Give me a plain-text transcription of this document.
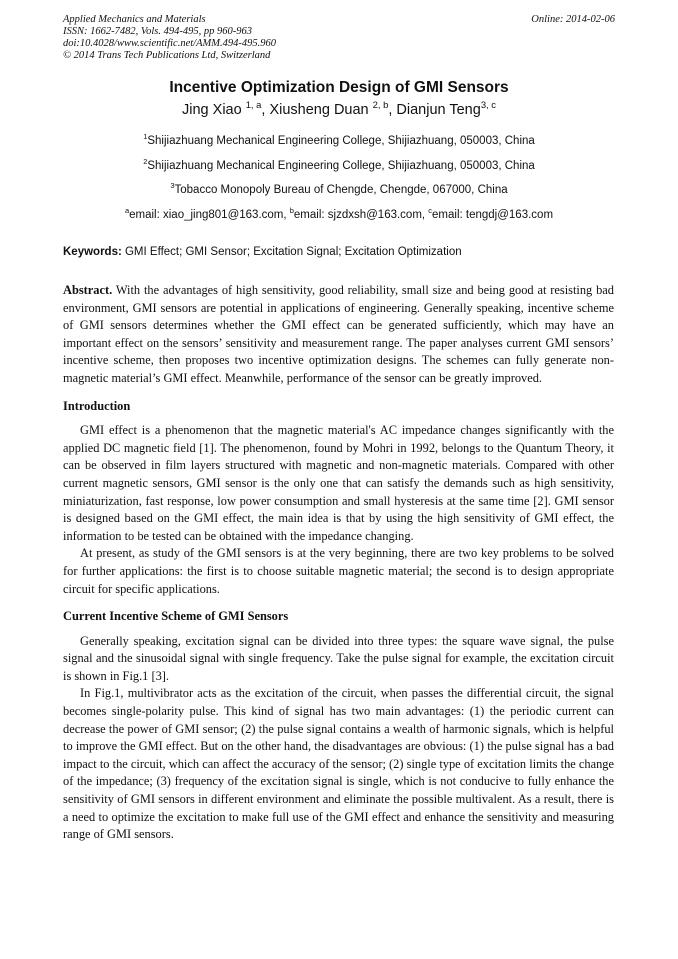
Applied Mechanics and Materials
ISSN: 1662-7482, Vols. 494-495, pp 960-963
doi:10.4028/www.scientific.net/AMM.494-495.960
© 2014 Trans Tech Publications Ltd, Switzerland
Online: 2014-02-06
Incentive Optimization Design of GMI Sensors
Jing Xiao $^{1, a}$, Xiusheng Duan $^{2, b}$, Dianjun Teng$^{3, c}$
$^1$Shijiazhuang Mechanical Engineering College, Shijiazhuang, 050003, China
$^2$Shijiazhuang Mechanical Engineering College, Shijiazhuang, 050003, China
$^3$Tobacco Monopoly Bureau of Chengde, Chengde, 067000, China
$^a$email: xiao_jing801@163.com, $^b$email: sjzdxsh@163.com, $^c$email: tengdj@163.com
Keywords: GMI Effect; GMI Sensor; Excitation Signal; Excitation Optimization

Abstract. With the advantages of high sensitivity, good reliability, small size and being good at resisting bad environment, GMI sensors are potential in applications of engineering. Generally speaking, incentive scheme of GMI sensors determines whether the GMI effect can be generated sufficiently, which may have an important effect on the sensors’ sensitivity and measurement range. The paper analyses current GMI sensors’ incentive scheme, then proposes two incentive optimization designs. The schemes can fully generate non-magnetic material’s GMI effect. Meanwhile, performance of the sensor can be greatly improved.

Introduction

GMI effect is a phenomenon that the magnetic material's AC impedance changes significantly with the applied DC magnetic field [1]. The phenomenon, found by Mohri in 1992, belongs to the Quantum Theory, it can be observed in film layers structured with magnetic and non-magnetic materials. Compared with other current magnetic sensors, GMI sensor is the only one that can satisfy the demands such as high sensitivity, miniaturization, fast response, low power consumption and small hysteresis at the same time [2]. GMI sensor is designed based on the GMI effect, the main idea is that by using the high sensitivity of GMI effect, the information to be tested can be obtained with the impedance changing.

At present, as study of the GMI sensors is at the very beginning, there are two key problems to be solved for further applications: the first is to choose suitable magnetic material; the second is to design appropriate circuit for specific applications.

Current Incentive Scheme of GMI Sensors

Generally speaking, excitation signal can be divided into three types: the square wave signal, the pulse signal and the sinusoidal signal with single frequency. Take the pulse signal for example, the excitation circuit is shown in Fig.1 [3].

In Fig.1, multivibrator acts as the excitation of the circuit, when passes the differential circuit, the signal becomes single-polarity pulse. This kind of signal has two main advantages: (1) the periodic current can decrease the power of GMI sensor; (2) the pulse signal contains a wealth of harmonic signals, which is helpful to improve the GMI effect. But on the other hand, the disadvantages are obvious: (1) the pulse signal has a bad impact to the circuit, which can affect the accuracy of the sensor; (2) single type of excitation limits the change of the impedance; (3) frequency of the excitation signal is single, which is not conducive to fully enhance the sensitivity of GMI sensors in different environment and eliminate the possible multivalent. As a result, there is a need to optimize the excitation to make full use of the GMI effect and enhance the sensitivity and measuring range of GMI sensors.
